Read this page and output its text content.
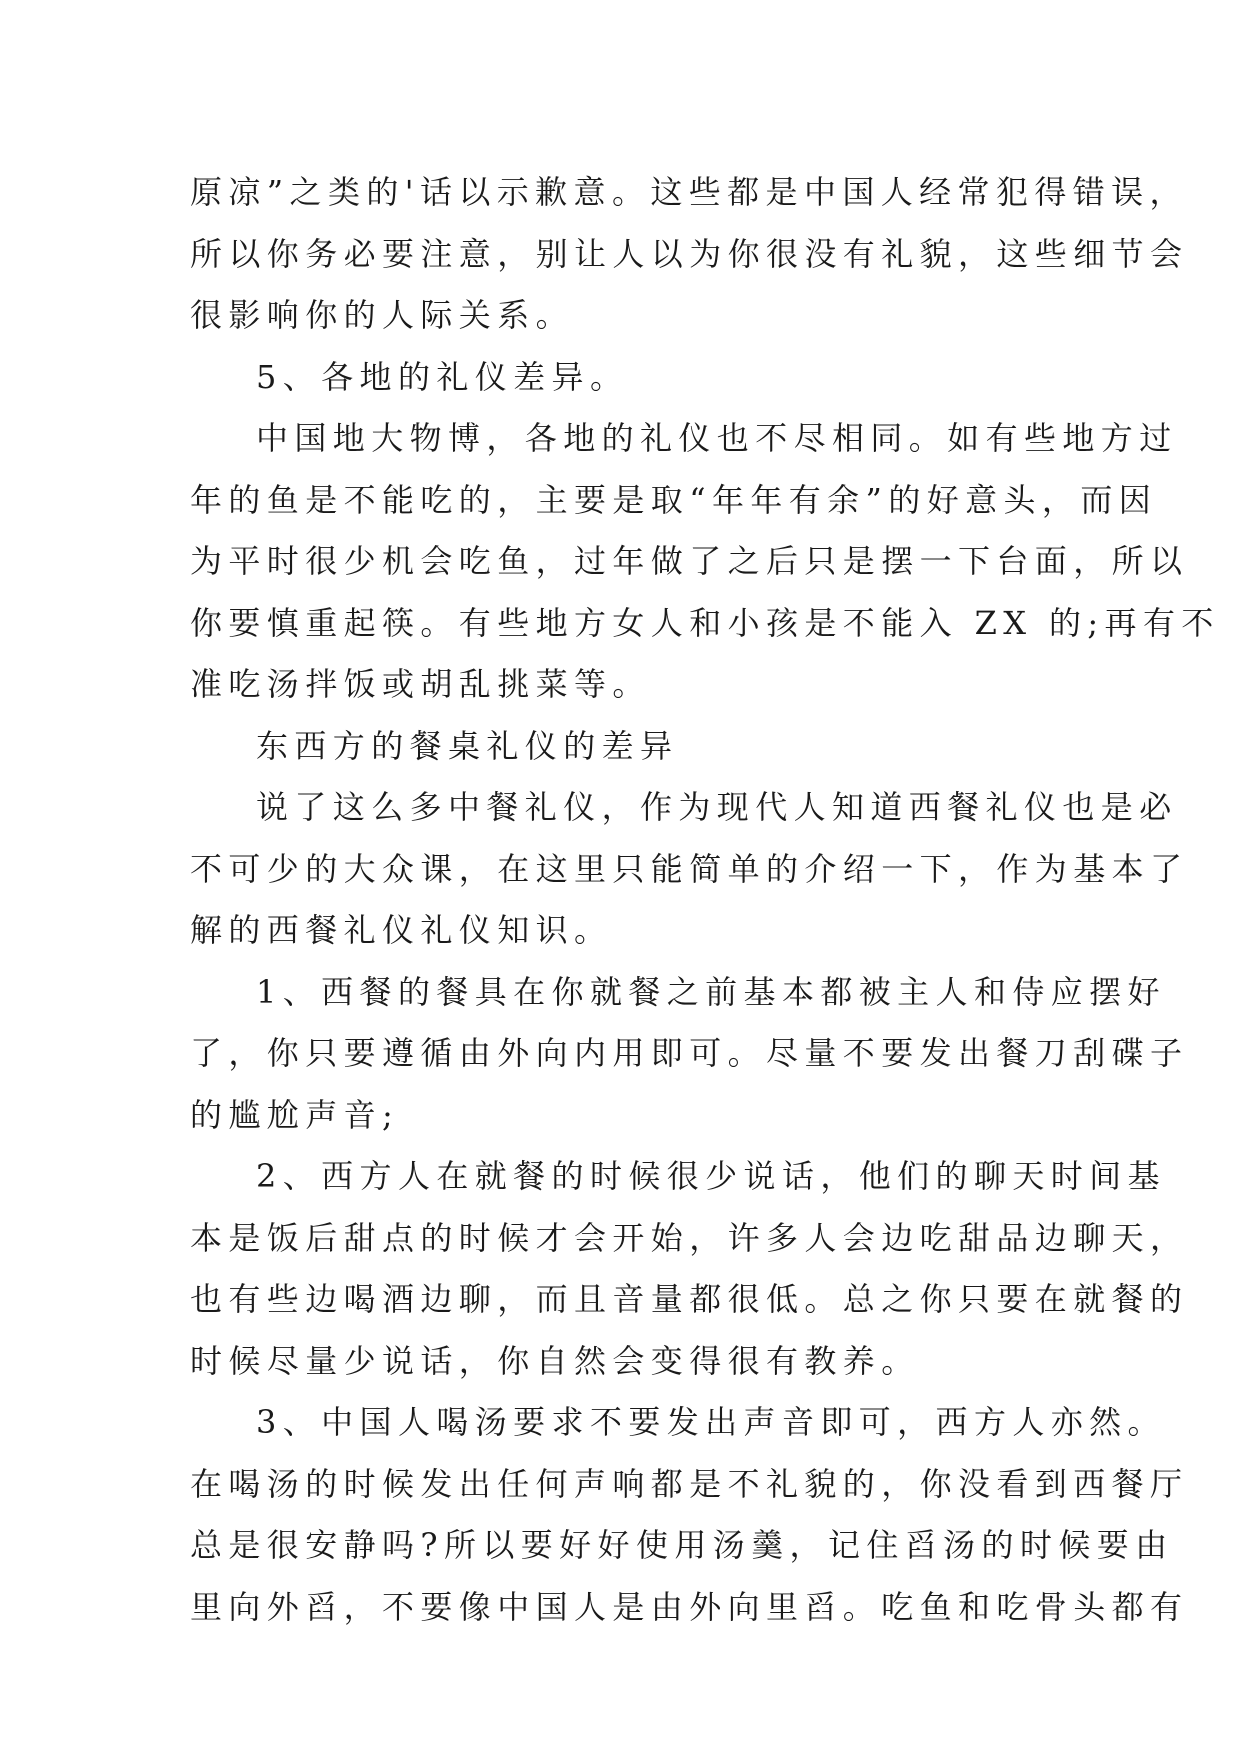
原凉”之类的'话以示歉意。这些都是中国人经常犯得错误，
所以你务必要注意，别让人以为你很没有礼貌，这些细节会
很影响你的人际关系。
5、各地的礼仪差异。
中国地大物博，各地的礼仪也不尽相同。如有些地方过
年的鱼是不能吃的，主要是取“年年有余”的好意头，而因
为平时很少机会吃鱼，过年做了之后只是摆一下台面，所以
你要慎重起筷。有些地方女人和小孩是不能入 ZX 的;再有不
准吃汤拌饭或胡乱挑菜等。
东西方的餐桌礼仪的差异
说了这么多中餐礼仪，作为现代人知道西餐礼仪也是必
不可少的大众课，在这里只能简单的介绍一下，作为基本了
解的西餐礼仪礼仪知识。
1、西餐的餐具在你就餐之前基本都被主人和侍应摆好
了，你只要遵循由外向内用即可。尽量不要发出餐刀刮碟子
的尴尬声音;
2、西方人在就餐的时候很少说话，他们的聊天时间基
本是饭后甜点的时候才会开始，许多人会边吃甜品边聊天，
也有些边喝酒边聊，而且音量都很低。总之你只要在就餐的
时候尽量少说话，你自然会变得很有教养。
3、中国人喝汤要求不要发出声音即可，西方人亦然。
在喝汤的时候发出任何声响都是不礼貌的，你没看到西餐厅
总是很安静吗?所以要好好使用汤羹，记住舀汤的时候要由
里向外舀，不要像中国人是由外向里舀。吃鱼和吃骨头都有
